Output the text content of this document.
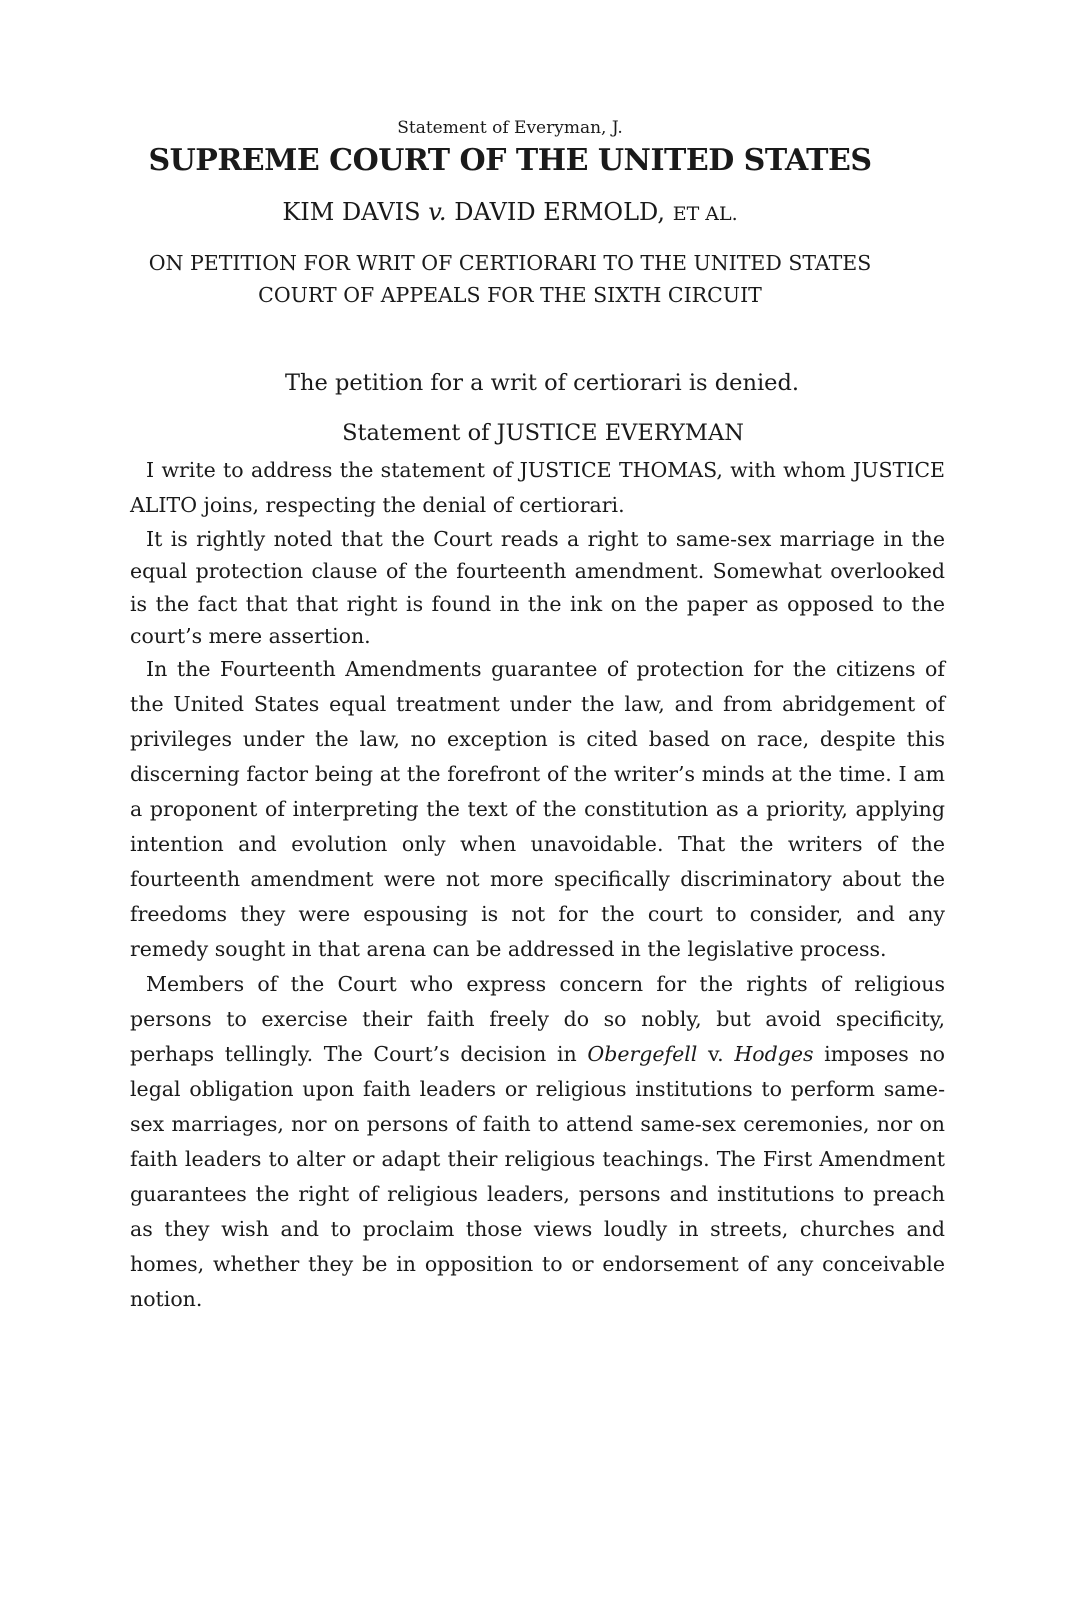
Statement of Everyman, J.
SUPREME COURT OF THE UNITED STATES
KIM DAVIS v. DAVID ERMOLD, ET AL.
ON PETITION FOR WRIT OF CERTIORARI TO THE UNITED STATES
COURT OF APPEALS FOR THE SIXTH CIRCUIT
The petition for a writ of certiorari is denied.
Statement of JUSTICE EVERYMAN

I write to address the statement of JUSTICE THOMAS, with whom JUSTICE ALITO joins, respecting the denial of certiorari.

It is rightly noted that the Court reads a right to same-sex marriage in the equal protection clause of the fourteenth amendment. Somewhat overlooked is the fact that that right is found in the ink on the paper as opposed to the court’s mere assertion.

In the Fourteenth Amendments guarantee of protection for the citizens of the United States equal treatment under the law, and from abridgement of privileges under the law, no exception is cited based on race, despite this discerning factor being at the forefront of the writer’s minds at the time. I am a proponent of interpreting the text of the constitution as a priority, applying intention and evolution only when unavoidable. That the writers of the fourteenth amendment were not more specifically discriminatory about the freedoms they were espousing is not for the court to consider, and any remedy sought in that arena can be addressed in the legislative process.

Members of the Court who express concern for the rights of religious persons to exercise their faith freely do so nobly, but avoid specificity, perhaps tellingly. The Court’s decision in Obergefell v. Hodges imposes no legal obligation upon faith leaders or religious institutions to perform same-sex marriages, nor on persons of faith to attend same-sex ceremonies, nor on faith leaders to alter or adapt their religious teachings. The First Amendment guarantees the right of religious leaders, persons and institutions to preach as they wish and to proclaim those views loudly in streets, churches and homes, whether they be in opposition to or endorsement of any conceivable notion.
